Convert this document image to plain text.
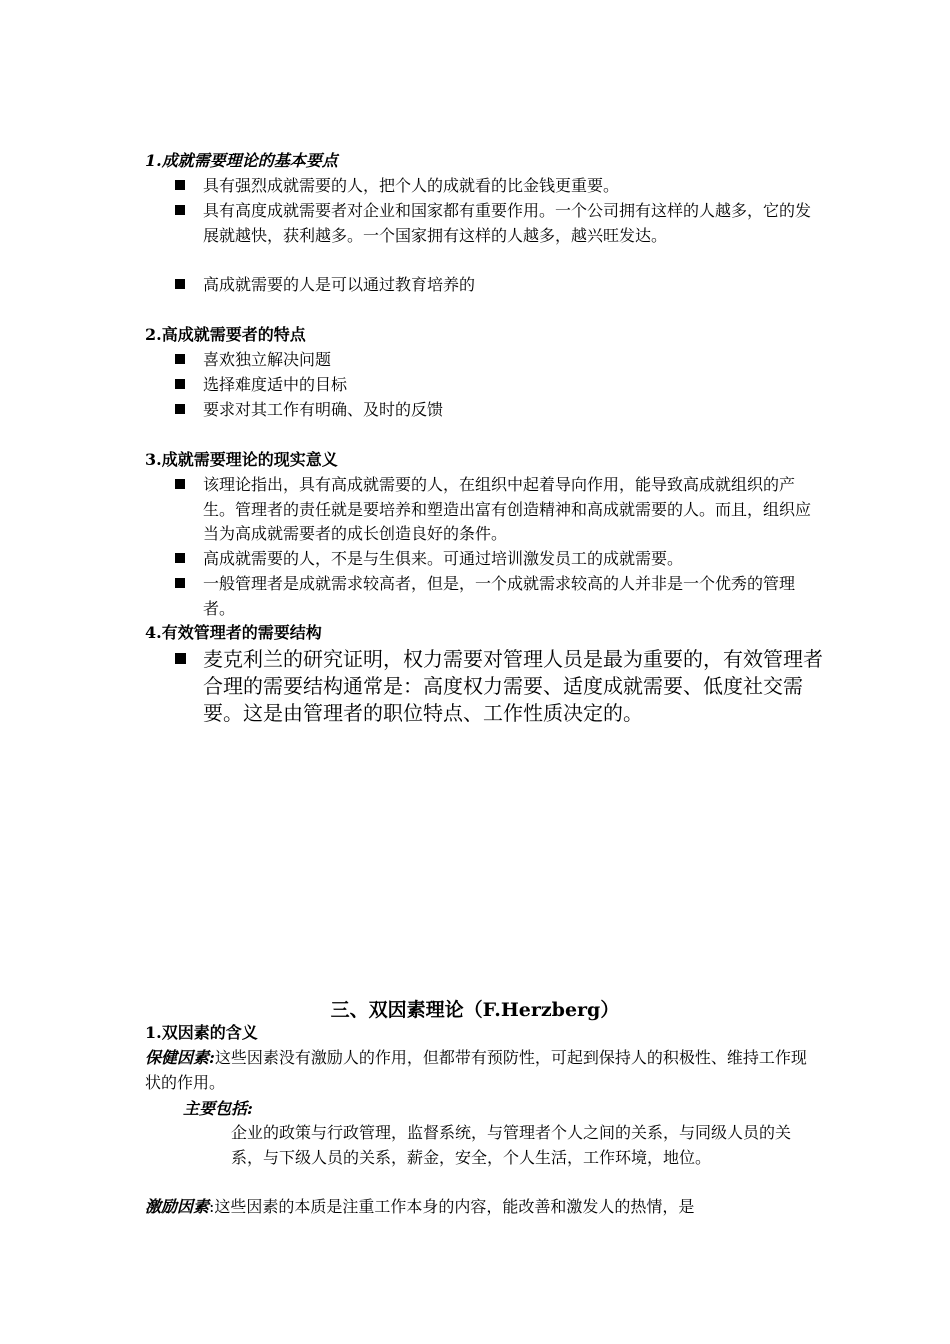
1.成就需要理论的基本要点
具有强烈成就需要的人，把个人的成就看的比金钱更重要。
具有高度成就需要者对企业和国家都有重要作用。一个公司拥有这样的人越多，它的发展就越快，获利越多。一个国家拥有这样的人越多，越兴旺发达。
高成就需要的人是可以通过教育培养的
2.高成就需要者的特点
喜欢独立解决问题
选择难度适中的目标
要求对其工作有明确、及时的反馈
3.成就需要理论的现实意义
该理论指出，具有高成就需要的人，在组织中起着导向作用，能导致高成就组织的产生。管理者的责任就是要培养和塑造出富有创造精神和高成就需要的人。而且，组织应当为高成就需要者的成长创造良好的条件。
高成就需要的人，不是与生俱来。可通过培训激发员工的成就需要。
一般管理者是成就需求较高者，但是，一个成就需求较高的人并非是一个优秀的管理者。
4.有效管理者的需要结构
麦克利兰的研究证明，权力需要对管理人员是最为重要的，有效管理者合理的需要结构通常是：高度权力需要、适度成就需要、低度社交需要。这是由管理者的职位特点、工作性质决定的。
三、双因素理论（F.Herzberg）
1.双因素的含义
保健因素:这些因素没有激励人的作用，但都带有预防性，可起到保持人的积极性、维持工作现状的作用。
主要包括:
企业的政策与行政管理，监督系统，与管理者个人之间的关系，与同级人员的关系，与下级人员的关系，薪金，安全，个人生活，工作环境，地位。
激励因素:这些因素的本质是注重工作本身的内容，能改善和激发人的热情，是
